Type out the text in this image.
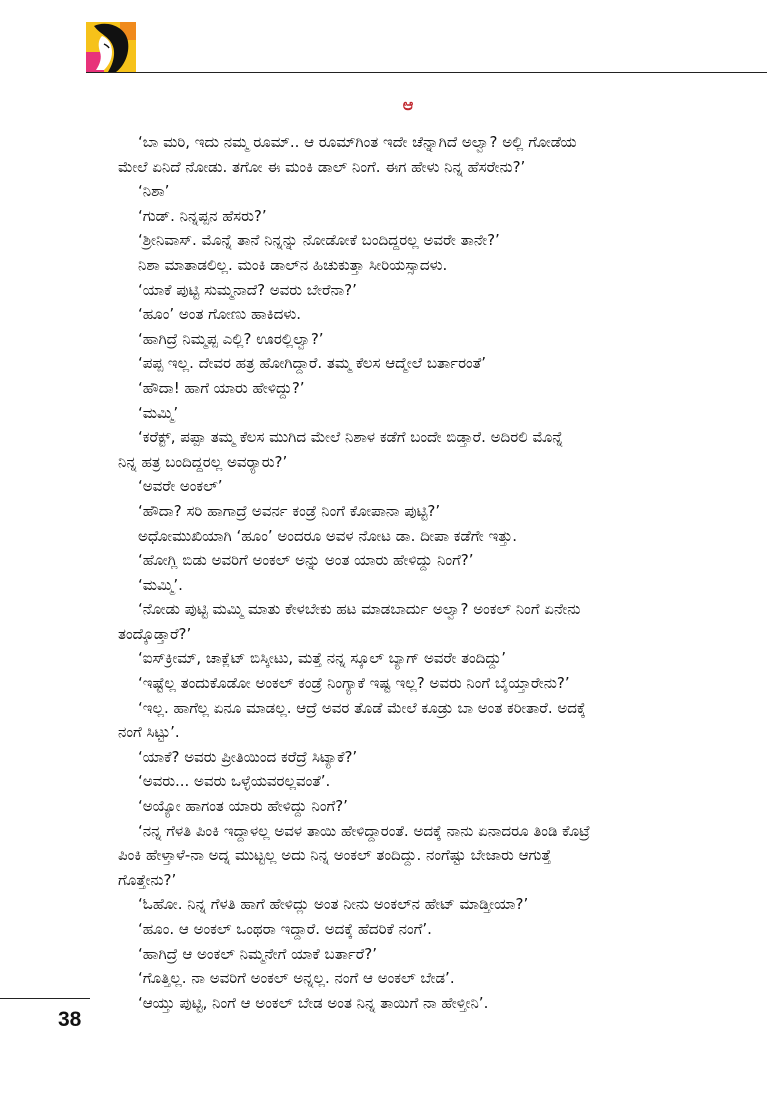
ಆ

‘ಬಾ ಮರಿ, ಇದು ನಮ್ಮ ರೂಮ್.. ಆ ರೂಮ್‌ಗಿಂತ ಇದೇ ಚೆನ್ನಾಗಿದೆ ಅಲ್ವಾ? ಅಲ್ಲಿ ಗೋಡೆಯ
ಮೇಲೆ ಏನಿದೆ ನೋಡು. ತಗೋ ಈ ಮಂಕಿ ಡಾಲ್ ನಿಂಗೆ. ಈಗ ಹೇಳು ನಿನ್ನ ಹೆಸರೇನು?’

‘ನಿಶಾ’

‘ಗುಡ್. ನಿನ್ನಪ್ಪನ ಹೆಸರು?’

‘ಶ್ರೀನಿವಾಸ್. ಮೊನ್ನೆ ತಾನೆ ನಿನ್ನನ್ನು ನೋಡೋಕೆ ಬಂದಿದ್ದರಲ್ಲ ಅವರೇ ತಾನೇ?’

ನಿಶಾ ಮಾತಾಡಲಿಲ್ಲ. ಮಂಕಿ ಡಾಲ್‌ನ ಹಿಚುಕುತ್ತಾ ಸೀರಿಯಸ್ಸಾದಳು.

‘ಯಾಕೆ ಪುಟ್ಟಿ ಸುಮ್ಮನಾದೆ? ಅವರು ಬೇರೆನಾ?’

‘ಹೂಂ’ ಅಂತ ಗೋಣು ಹಾಕಿದಳು.

‘ಹಾಗಿದ್ರೆ ನಿಮ್ಮಪ್ಪ ಎಲ್ಲಿ? ಊರಲ್ಲಿಲ್ವಾ?’

‘ಪಪ್ಪ ಇಲ್ಲ. ದೇವರ ಹತ್ರ ಹೋಗಿದ್ದಾರೆ. ತಮ್ಮ ಕೆಲಸ ಆದ್ಮೇಲೆ ಬರ್ತಾರಂತೆ’

‘ಹೌದಾ! ಹಾಗೆ ಯಾರು ಹೇಳಿದ್ದು?’

‘ಮಮ್ಮಿ’

‘ಕರೆಕ್ಟ್, ಪಪ್ಪಾ ತಮ್ಮ ಕೆಲಸ ಮುಗಿದ ಮೇಲೆ ನಿಶಾಳ ಕಡೆಗೆ ಬಂದೇ ಬಿಡ್ತಾರೆ. ಅದಿರಲಿ ಮೊನ್ನೆ
ನಿನ್ನ ಹತ್ರ ಬಂದಿದ್ದರಲ್ಲ ಅವರ್‍ಯಾರು?’

‘ಅವರೇ ಅಂಕಲ್’

‘ಹೌದಾ? ಸರಿ ಹಾಗಾದ್ರೆ ಅವರ್ನ ಕಂಡ್ರೆ ನಿಂಗೆ ಕೋಪಾನಾ ಪುಟ್ಟಿ?’

ಅಧೋಮುಖಿಯಾಗಿ ‘ಹೂಂ’ ಅಂದರೂ ಅವಳ ನೋಟ ಡಾ. ದೀಪಾ ಕಡೆಗೇ ಇತ್ತು.

‘ಹೋಗ್ಲಿ ಬಿಡು ಅವರಿಗೆ ಅಂಕಲ್ ಅನ್ನು ಅಂತ ಯಾರು ಹೇಳಿದ್ದು ನಿಂಗೆ?’

‘ಮಮ್ಮಿ’.

‘ನೋಡು ಪುಟ್ಟಿ ಮಮ್ಮಿ ಮಾತು ಕೇಳಬೇಕು ಹಟ ಮಾಡಬಾರ್ದು ಅಲ್ವಾ? ಅಂಕಲ್ ನಿಂಗೆ ಏನೇನು
ತಂದ್ಕೊಡ್ತಾರೆ?’

‘ಐಸ್‌ಕ್ರೀಮ್, ಚಾಕ್ಲೆಟ್ ಬಿಸ್ಕೀಟು, ಮತ್ತೆ ನನ್ನ ಸ್ಕೂಲ್ ಬ್ಯಾಗ್ ಅವರೇ ತಂದಿದ್ದು’

‘ಇಷ್ಟೆಲ್ಲ ತಂದುಕೊಡೋ ಅಂಕಲ್ ಕಂಡ್ರೆ ನಿಂಗ್ಯಾಕೆ ಇಷ್ಟ ಇಲ್ಲ? ಅವರು ನಿಂಗೆ ಬೈಯ್ತಾರೇನು?’

‘ಇಲ್ಲ. ಹಾಗೆಲ್ಲ ಏನೂ ಮಾಡಲ್ಲ. ಆದ್ರೆ ಅವರ ತೊಡೆ ಮೇಲೆ ಕೂಡ್ರು ಬಾ ಅಂತ ಕರೀತಾರೆ. ಅದಕ್ಕೆ
ನಂಗೆ ಸಿಟ್ಟು’.

‘ಯಾಕೆ? ಅವರು ಪ್ರೀತಿಯಿಂದ ಕರೆದ್ರೆ ಸಿಟ್ಯಾಕೆ?’

‘ಅವರು... ಅವರು ಒಳ್ಳೆಯವರಲ್ಲವಂತೆ’.

‘ಅಯ್ಯೋ ಹಾಗಂತ ಯಾರು ಹೇಳಿದ್ದು ನಿಂಗೆ?’

‘ನನ್ನ ಗೆಳತಿ ಪಿಂಕಿ ಇದ್ದಾಳಲ್ಲ ಅವಳ ತಾಯಿ ಹೇಳಿದ್ದಾರಂತೆ. ಅದಕ್ಕೆ ನಾನು ಏನಾದರೂ ತಿಂಡಿ ಕೊಟ್ರೆ
ಪಿಂಕಿ ಹೇಳ್ತಾಳೆ-ನಾ ಅದ್ನ ಮುಟ್ಟಲ್ಲ ಅದು ನಿನ್ನ ಅಂಕಲ್ ತಂದಿದ್ದು. ನಂಗೆಷ್ಟು ಬೇಜಾರು ಆಗುತ್ತೆ
ಗೊತ್ತೇನು?’

‘ಓಹೋ. ನಿನ್ನ ಗೆಳತಿ ಹಾಗೆ ಹೇಳಿದ್ಲು ಅಂತ ನೀನು ಅಂಕಲ್‌ನ ಹೇಟ್ ಮಾಡ್ತೀಯಾ?’

‘ಹೂಂ. ಆ ಅಂಕಲ್ ಒಂಥರಾ ಇದ್ದಾರೆ. ಅದಕ್ಕೆ ಹೆದರಿಕೆ ನಂಗೆ’.

‘ಹಾಗಿದ್ರೆ ಆ ಅಂಕಲ್ ನಿಮ್ಮನೇಗೆ ಯಾಕೆ ಬರ್ತಾರೆ?’

‘ಗೊತ್ತಿಲ್ಲ. ನಾ ಅವರಿಗೆ ಅಂಕಲ್ ಅನ್ನಲ್ಲ. ನಂಗೆ ಆ ಅಂಕಲ್ ಬೇಡ’.

‘ಆಯ್ತು ಪುಟ್ಟಿ, ನಿಂಗೆ ಆ ಅಂಕಲ್ ಬೇಡ ಅಂತ ನಿನ್ನ ತಾಯಿಗೆ ನಾ ಹೇಳ್ತೀನಿ’.

38
